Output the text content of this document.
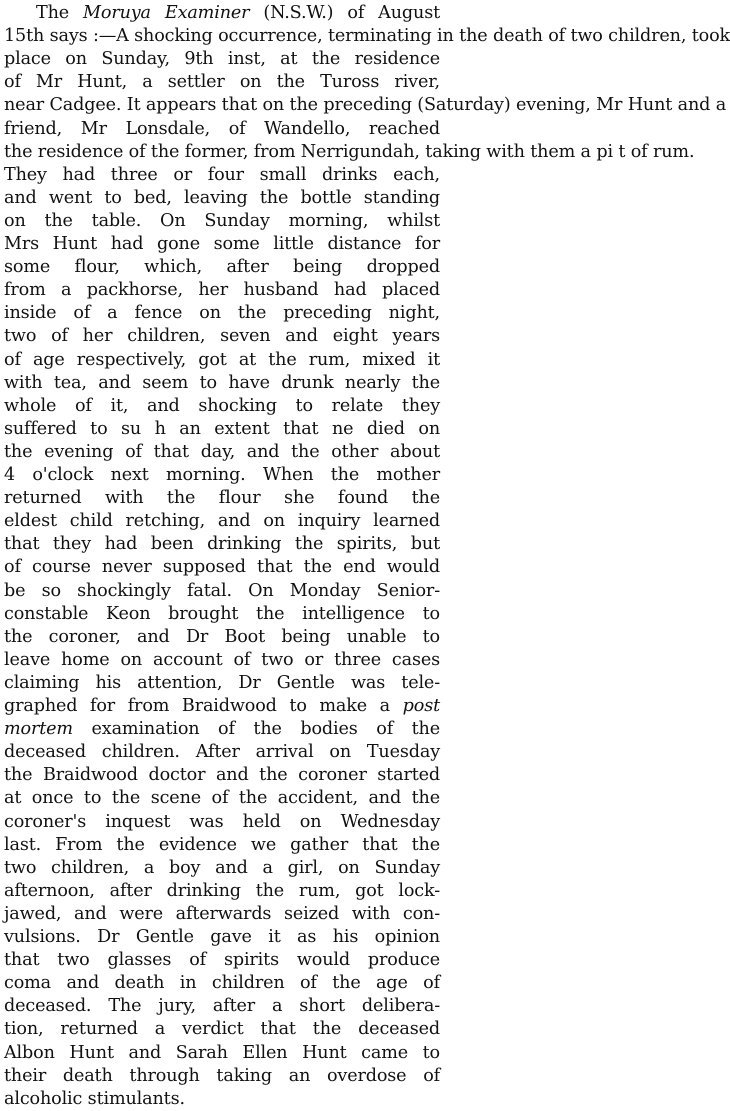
The Moruya Examiner (N.S.W.) of August
15th says :—A shocking occurrence, terminating in the death of two children, took
place on Sunday, 9th inst, at the residence
of Mr Hunt, a settler on the Tuross river,
near Cadgee. It appears that on the preceding (Saturday) evening, Mr Hunt and a
friend, Mr Lonsdale, of Wandello, reached
the residence of the former, from Nerrigundah, taking with them a pi t of rum.
They had three or four small drinks each,
and went to bed, leaving the bottle standing
on the table. On Sunday morning, whilst
Mrs Hunt had gone some little distance for
some flour, which, after being dropped
from a packhorse, her husband had placed
inside of a fence on the preceding night,
two of her children, seven and eight years
of age respectively, got at the rum, mixed it
with tea, and seem to have drunk nearly the
whole of it, and shocking to relate they
suffered to su h an extent that ne died on
the evening of that day, and the other about
4 o'clock next morning. When the mother
returned with the flour she found the
eldest child retching, and on inquiry learned
that they had been drinking the spirits, but
of course never supposed that the end would
be so shockingly fatal. On Monday Senior-
constable Keon brought the intelligence to
the coroner, and Dr Boot being unable to
leave home on account of two or three cases
claiming his attention, Dr Gentle was tele-
graphed for from Braidwood to make a post
mortem examination of the bodies of the
deceased children. After arrival on Tuesday
the Braidwood doctor and the coroner started
at once to the scene of the accident, and the
coroner's inquest was held on Wednesday
last. From the evidence we gather that the
two children, a boy and a girl, on Sunday
afternoon, after drinking the rum, got lock-
jawed, and were afterwards seized with con-
vulsions. Dr Gentle gave it as his opinion
that two glasses of spirits would produce
coma and death in children of the age of
deceased. The jury, after a short delibera-
tion, returned a verdict that the deceased
Albon Hunt and Sarah Ellen Hunt came to
their death through taking an overdose of
alcoholic stimulants.
